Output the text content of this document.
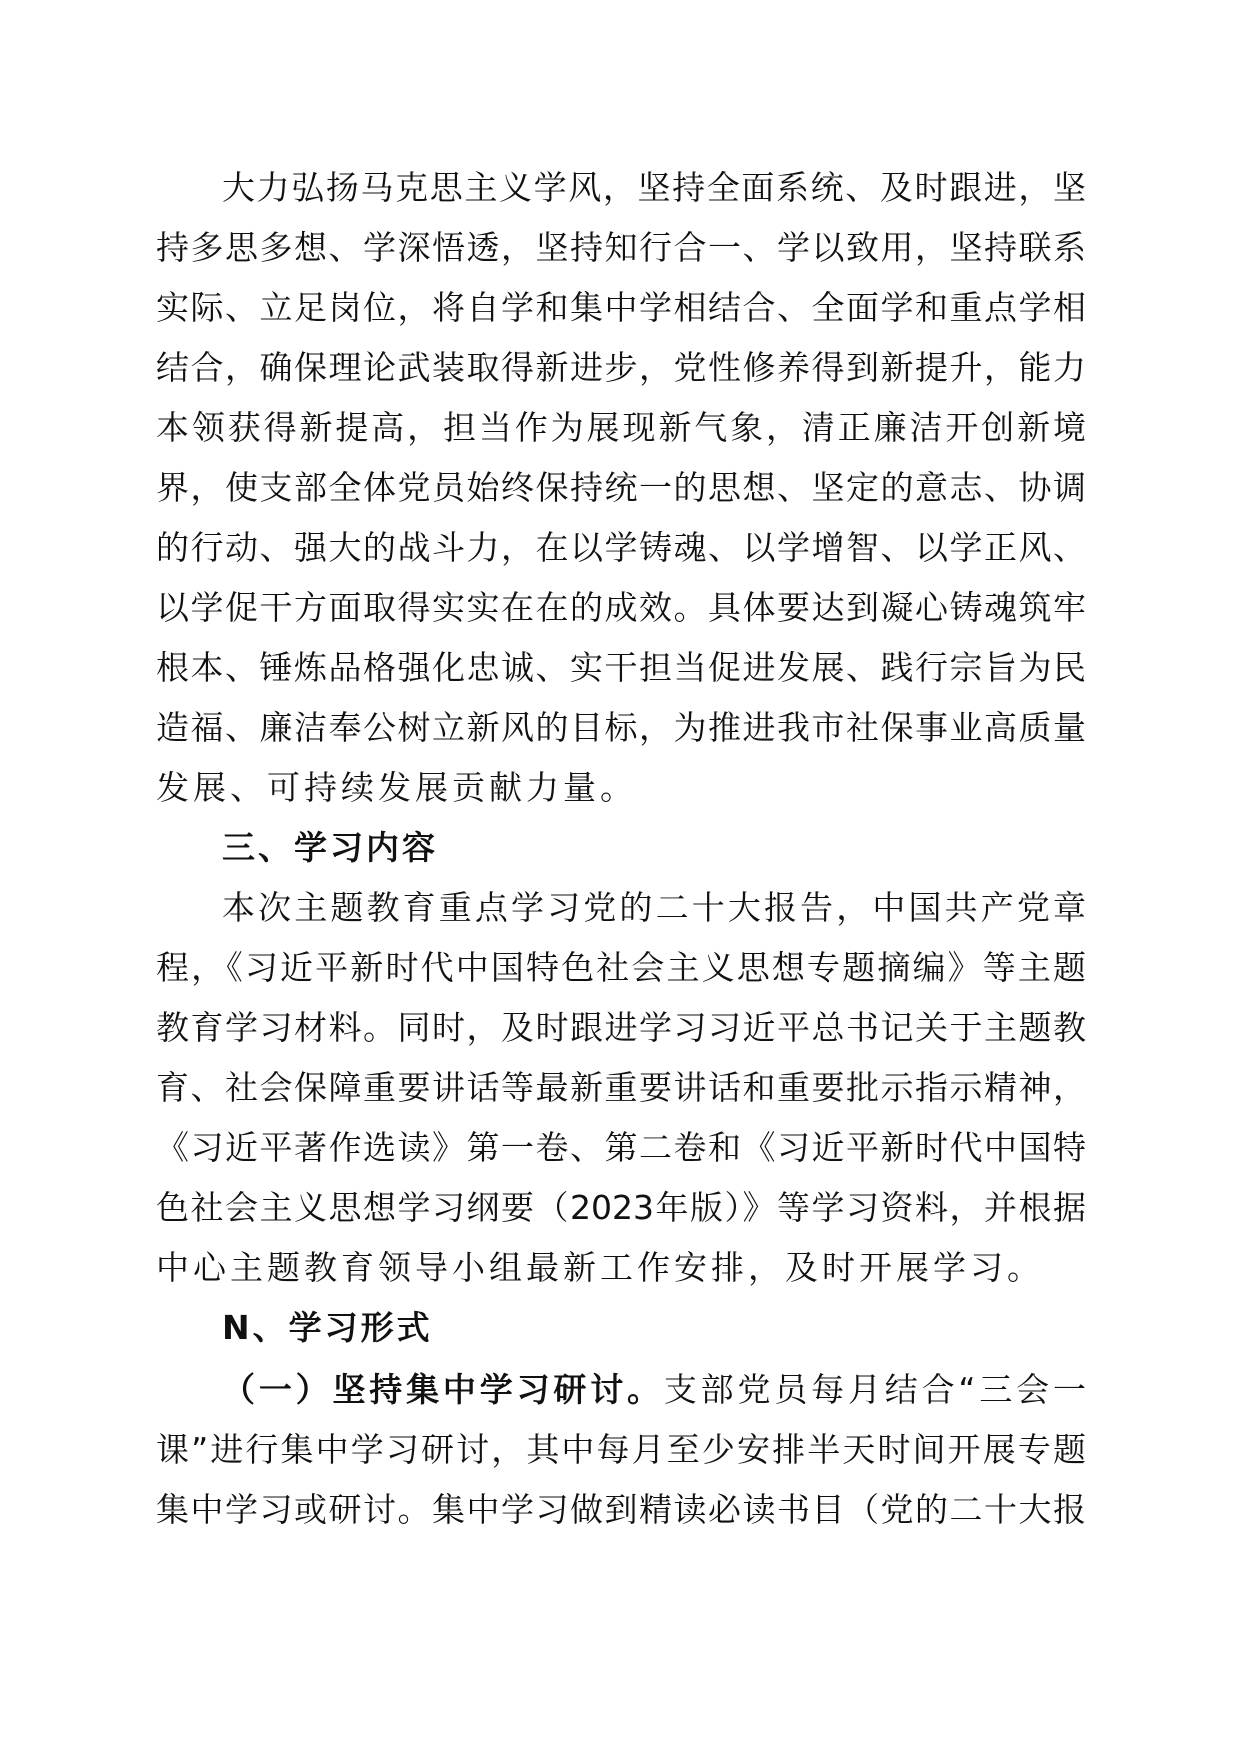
大力弘扬马克思主义学风，坚持全面系统、及时跟进，坚
持多思多想、学深悟透，坚持知行合一、学以致用，坚持联系
实际、立足岗位，将自学和集中学相结合、全面学和重点学相
结合，确保理论武装取得新进步，党性修养得到新提升，能力
本领获得新提高，担当作为展现新气象，清正廉洁开创新境
界，使支部全体党员始终保持统一的思想、坚定的意志、协调
的行动、强大的战斗力，在以学铸魂、以学增智、以学正风、
以学促干方面取得实实在在的成效。具体要达到凝心铸魂筑牢
根本、锤炼品格强化忠诚、实干担当促进发展、践行宗旨为民
造福、廉洁奉公树立新风的目标，为推进我市社保事业高质量
发展、可持续发展贡献力量。
三、学习内容
本次主题教育重点学习党的二十大报告，中国共产党章
程，《习近平新时代中国特色社会主义思想专题摘编》等主题
教育学习材料。同时，及时跟进学习习近平总书记关于主题教
育、社会保障重要讲话等最新重要讲话和重要批示指示精神，
《习近平著作选读》第一卷、第二卷和《习近平新时代中国特
色社会主义思想学习纲要（2023年版）》等学习资料，并根据
中心主题教育领导小组最新工作安排，及时开展学习。
N、学习形式
（一）坚持集中学习研讨。支部党员每月结合“三会一
课”进行集中学习研讨，其中每月至少安排半天时间开展专题
集中学习或研讨。集中学习做到精读必读书目（党的二十大报
